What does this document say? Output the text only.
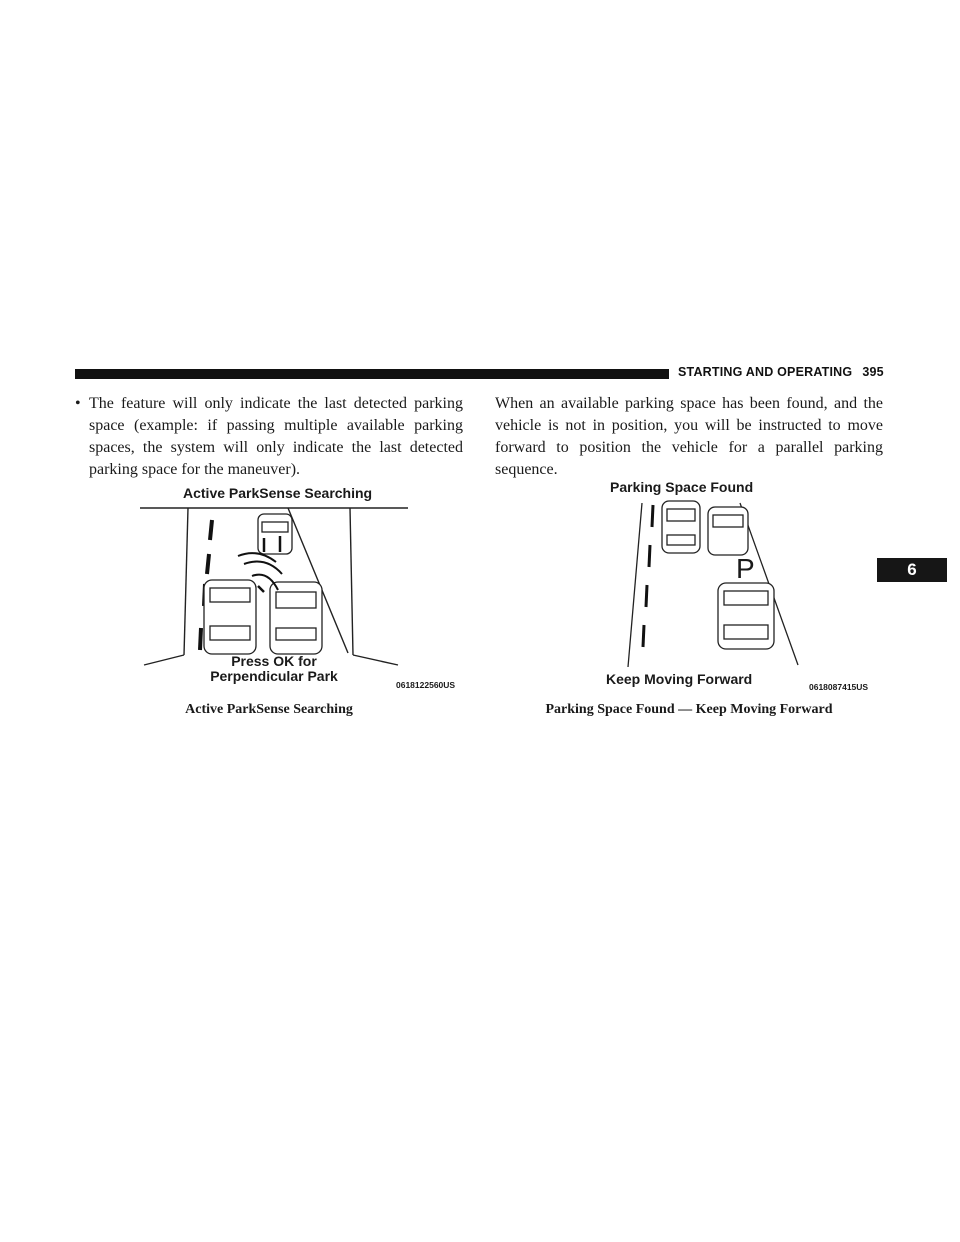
STARTING AND OPERATING 395
• The feature will only indicate the last detected parking space (example: if passing multiple available parking spaces, the system will only indicate the last detected parking space for the maneuver).
When an available parking space has been found, and the vehicle is not in position, you will be instructed to move forward to position the vehicle for a parallel parking sequence.
6
Active ParkSense Searching
Press OK for
Perpendicular Park
0618122560US
P
Parking Space Found
Keep Moving Forward	0618087415US
Active ParkSense Searching	Parking Space Found — Keep Moving Forward
